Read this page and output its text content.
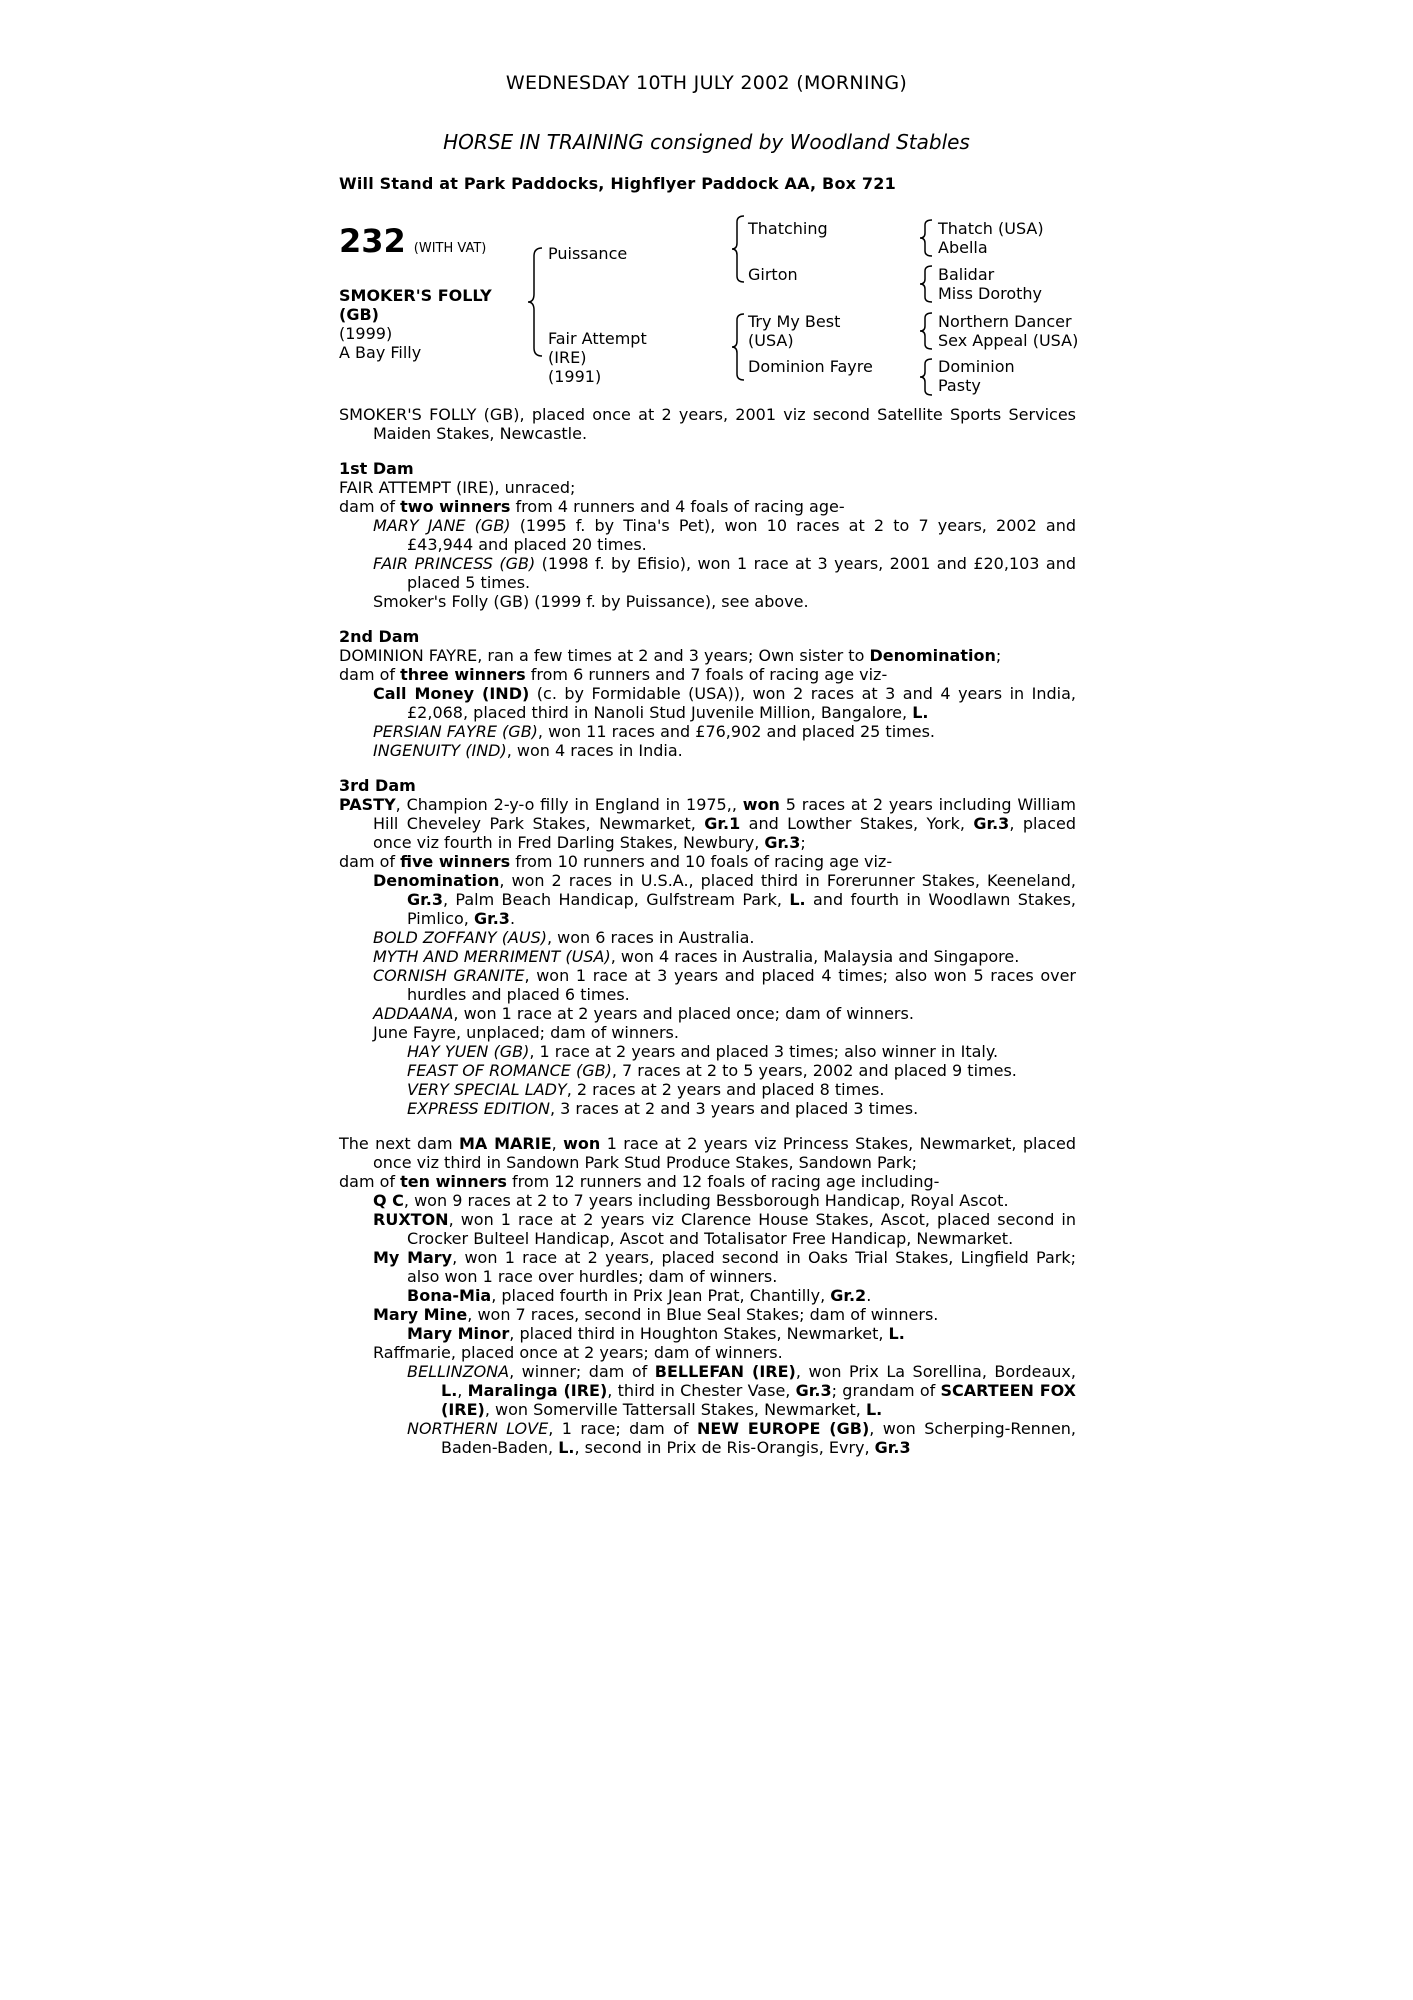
WEDNESDAY 10TH JULY 2002 (MORNING)
HORSE IN TRAINING consigned by Woodland Stables
Will Stand at Park Paddocks, Highflyer Paddock AA, Box 721
232 (WITH VAT)
SMOKER'S FOLLY
(GB)
(1999)
A Bay Filly
Puissance
Fair Attempt
(IRE)
(1991)
Thatching
Girton
Try My Best
(USA)
Dominion Fayre
Thatch (USA)
Abella
Balidar
Miss Dorothy
Northern Dancer
Sex Appeal (USA)
Dominion
Pasty

SMOKER'S FOLLY (GB), placed once at 2 years, 2001 viz second Satellite Sports Services Maiden Stakes, Newcastle.

1st Dam

FAIR ATTEMPT (IRE), unraced;

dam of two winners from 4 runners and 4 foals of racing age-

MARY JANE (GB) (1995 f. by Tina's Pet), won 10 races at 2 to 7 years, 2002 and £43,944 and placed 20 times.

FAIR PRINCESS (GB) (1998 f. by Efisio), won 1 race at 3 years, 2001 and £20,103 and placed 5 times.

Smoker's Folly (GB) (1999 f. by Puissance), see above.

2nd Dam

DOMINION FAYRE, ran a few times at 2 and 3 years; Own sister to Denomination;

dam of three winners from 6 runners and 7 foals of racing age viz-

Call Money (IND) (c. by Formidable (USA)), won 2 races at 3 and 4 years in India, £2,068, placed third in Nanoli Stud Juvenile Million, Bangalore, L.

PERSIAN FAYRE (GB), won 11 races and £76,902 and placed 25 times.

INGENUITY (IND), won 4 races in India.

3rd Dam

PASTY, Champion 2-y-o filly in England in 1975,, won 5 races at 2 years including William Hill Cheveley Park Stakes, Newmarket, Gr.1 and Lowther Stakes, York, Gr.3, placed once viz fourth in Fred Darling Stakes, Newbury, Gr.3;

dam of five winners from 10 runners and 10 foals of racing age viz-

Denomination, won 2 races in U.S.A., placed third in Forerunner Stakes, Keeneland, Gr.3, Palm Beach Handicap, Gulfstream Park, L. and fourth in Woodlawn Stakes, Pimlico, Gr.3.

BOLD ZOFFANY (AUS), won 6 races in Australia.

MYTH AND MERRIMENT (USA), won 4 races in Australia, Malaysia and Singapore.

CORNISH GRANITE, won 1 race at 3 years and placed 4 times; also won 5 races over hurdles and placed 6 times.

ADDAANA, won 1 race at 2 years and placed once; dam of winners.

June Fayre, unplaced; dam of winners.

HAY YUEN (GB), 1 race at 2 years and placed 3 times; also winner in Italy.

FEAST OF ROMANCE (GB), 7 races at 2 to 5 years, 2002 and placed 9 times.

VERY SPECIAL LADY, 2 races at 2 years and placed 8 times.

EXPRESS EDITION, 3 races at 2 and 3 years and placed 3 times.

The next dam MA MARIE, won 1 race at 2 years viz Princess Stakes, Newmarket, placed once viz third in Sandown Park Stud Produce Stakes, Sandown Park;

dam of ten winners from 12 runners and 12 foals of racing age including-

Q C, won 9 races at 2 to 7 years including Bessborough Handicap, Royal Ascot.

RUXTON, won 1 race at 2 years viz Clarence House Stakes, Ascot, placed second in Crocker Bulteel Handicap, Ascot and Totalisator Free Handicap, Newmarket.

My Mary, won 1 race at 2 years, placed second in Oaks Trial Stakes, Lingfield Park; also won 1 race over hurdles; dam of winners.

Bona-Mia, placed fourth in Prix Jean Prat, Chantilly, Gr.2.

Mary Mine, won 7 races, second in Blue Seal Stakes; dam of winners.

Mary Minor, placed third in Houghton Stakes, Newmarket, L.

Raffmarie, placed once at 2 years; dam of winners.

BELLINZONA, winner; dam of BELLEFAN (IRE), won Prix La Sorellina, Bordeaux, L., Maralinga (IRE), third in Chester Vase, Gr.3; grandam of SCARTEEN FOX (IRE), won Somerville Tattersall Stakes, Newmarket, L.

NORTHERN LOVE, 1 race; dam of NEW EUROPE (GB), won Scherping-Rennen, Baden-Baden, L., second in Prix de Ris-Orangis, Evry, Gr.3
